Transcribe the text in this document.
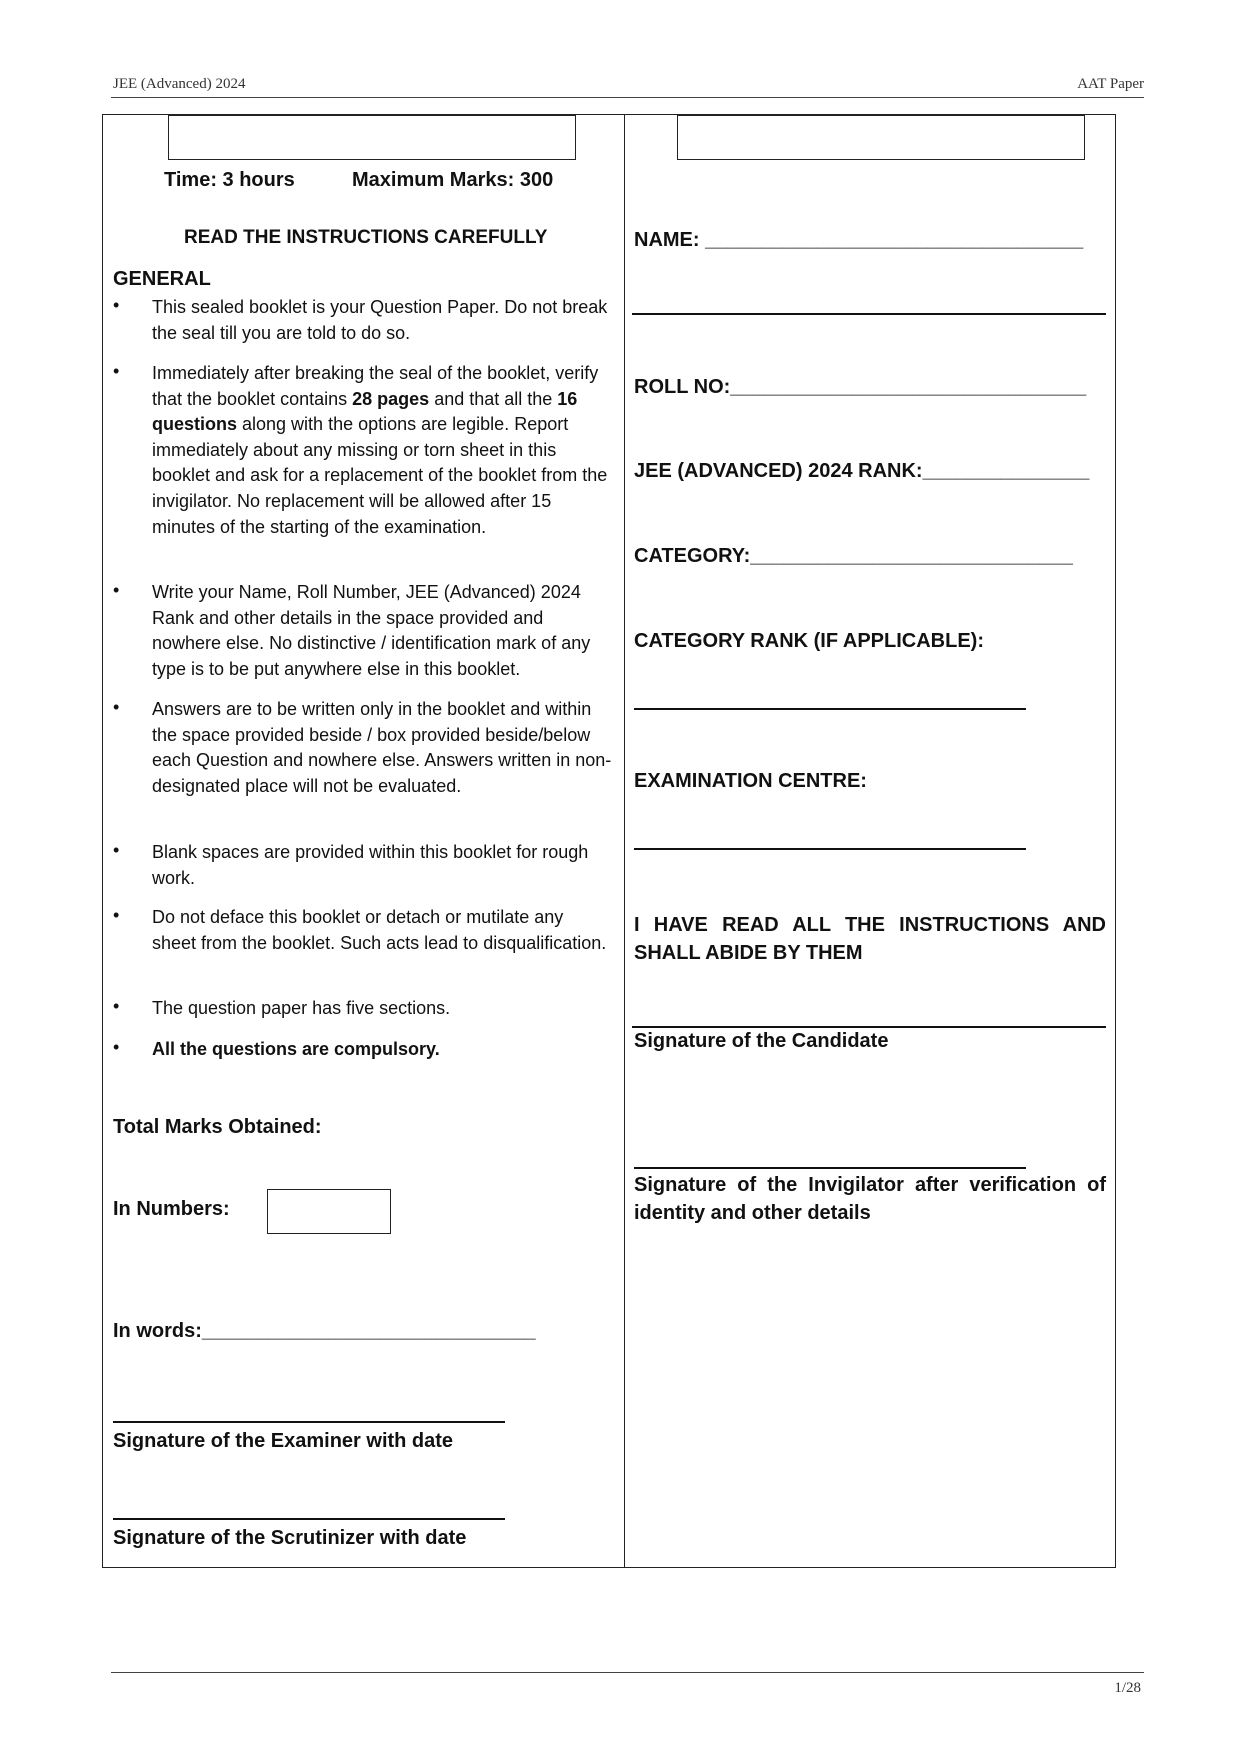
JEE (Advanced) 2024	AAT Paper
Time: 3 hours	Maximum Marks: 300
READ THE INSTRUCTIONS CAREFULLY
GENERAL
• This sealed booklet is your Question Paper. Do not break the seal till you are told to do so.
• Immediately after breaking the seal of the booklet, verify that the booklet contains 28 pages and that all the 16 questions along with the options are legible. Report immediately about any missing or torn sheet in this booklet and ask for a replacement of the booklet from the invigilator. No replacement will be allowed after 15 minutes of the starting of the examination.
• Write your Name, Roll Number, JEE (Advanced) 2024 Rank and other details in the space provided and nowhere else. No distinctive / identification mark of any type is to be put anywhere else in this booklet.
• Answers are to be written only in the booklet and within the space provided beside / box provided beside/below each Question and nowhere else. Answers written in non-designated place will not be evaluated.
• Blank spaces are provided within this booklet for rough work.
• Do not deface this booklet or detach or mutilate any sheet from the booklet. Such acts lead to disqualification.
• The question paper has five sections.
• All the questions are compulsory.
Total Marks Obtained:
In Numbers:
In words:______________________________
Signature of the Examiner with date
Signature of the Scrutinizer with date
NAME: __________________________________
ROLL NO:________________________________
JEE (ADVANCED) 2024 RANK:_______________
CATEGORY:_____________________________
CATEGORY RANK (IF APPLICABLE):
EXAMINATION CENTRE:
I HAVE READ ALL THE INSTRUCTIONS AND SHALL ABIDE BY THEM
Signature of the Candidate
Signature of the Invigilator after verification of identity and other details
1/28
